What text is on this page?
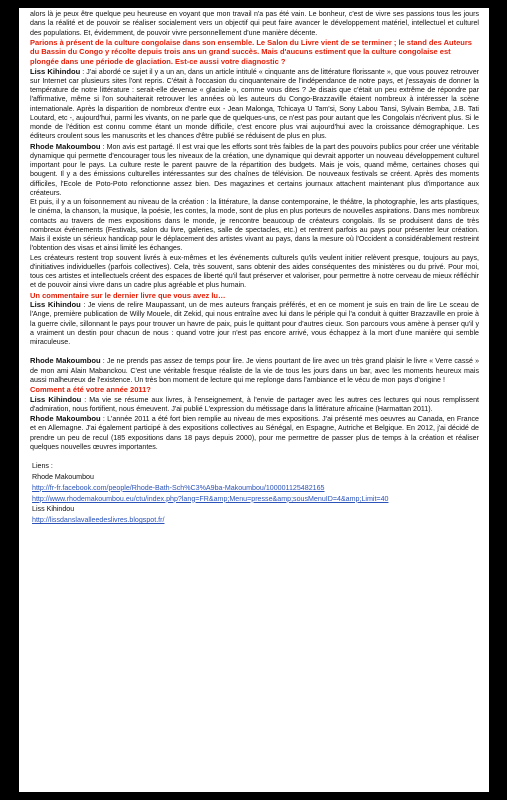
alors là je peux être quelque peu heureuse en voyant que mon travail n'a pas été vain. Le bonheur, c'est de vivre ses passions tous les jours dans la réalité et de pouvoir se réaliser socialement vers un objectif qui peut faire avancer le développement matériel, intellectuel et culturel des populations. Et, évidemment, de pouvoir vivre personnellement d'une manière décente.

Parions à présent de la culture congolaise dans son ensemble. Le Salon du Livre vient de se terminer ; le stand des Auteurs du Bassin du Congo y récolte depuis trois ans un grand succès. Mais d'aucuns estiment que la culture congolaise est plongée dans une période de glaciation. Est-ce aussi votre diagnostic ?

Liss Kihindou : J'ai abordé ce sujet il y a un an, dans un article intitulé « cinquante ans de littérature florissante », que vous pouvez retrouver sur Internet car plusieurs sites l'ont repris. C'était à l'occasion du cinquantenaire de l'indépendance de notre pays, et j'essayais de donner la température de notre littérature : serait-elle devenue « glaciale », comme vous dites ? Je disais que c'était un peu extrême de répondre par l'affirmative, même si l'on souhaiterait retrouver les années où les auteurs du Congo-Brazzaville étaient nombreux à intéresser la scène internationale. Après la disparition de nombreux d'entre eux - Jean Malonga, Tchicaya U Tam'si, Sony Labou Tansi, Sylvain Bemba, J.B. Tati Loutard, etc -, aujourd'hui, parmi les vivants, on ne parle que de quelques-uns, ce n'est pas pour autant que les Congolais n'écrivent plus. Si le monde de l'édition est connu comme étant un monde difficile, c'est encore plus vrai aujourd'hui avec la croissance démographique. Les éditeurs croulent sous les manuscrits et les chances d'être publié se réduisent de plus en plus.

Rhode Makoumbou : Mon avis est partagé. Il est vrai que les efforts sont très faibles de la part des pouvoirs publics pour créer une véritable dynamique qui permette d'encourager tous les niveaux de la création, une dynamique qui devrait apporter un nouveau développement culturel important pour le pays. La culture reste le parent pauvre de la répartition des budgets. Mais je vois, quand même, certaines choses qui bougent. Il y a des émissions culturelles intéressantes sur des chaînes de télévision. De nouveaux festivals se créent. Après des moments difficiles, l'Ecole de Poto-Poto refonctionne assez bien. Des magazines et certains journaux attachent maintenant plus d'importance aux créateurs.

Et puis, il y a un foisonnement au niveau de la création : la littérature, la danse contemporaine, le théâtre, la photographie, les arts plastiques, le cinéma, la chanson, la musique, la poésie, les contes, la mode, sont de plus en plus porteurs de nouvelles aspirations. Dans mes nombreux contacts au travers de mes expositions dans le monde, je rencontre beaucoup de créateurs congolais. Ils se produisent dans de très nombreux événements (Festivals, salon du livre, galeries, salle de spectacles, etc.) et rentrent parfois au pays pour présenter leur création. Mais il existe un sérieux handicap pour le déplacement des artistes vivant au pays, dans la mesure où l'Occident a considérablement restreint l'obtention des visas et ainsi limité les échanges.

Les créateurs restent trop souvent livrés à eux-mêmes et les événements culturels qu'ils veulent initier relèvent presque, toujours au pays, d'initiatives individuelles (parfois collectives). Cela, très souvent, sans obtenir des aides conséquentes des ministères ou du privé. Pour moi, tous ces artistes et intellectuels créent des espaces de liberté qu'il faut préserver et valoriser, pour permettre à notre cerveau de mieux réfléchir et de pouvoir ainsi vivre dans un cadre plus agréable et plus humain.

Un commentaire sur le dernier livre que vous avez lu…

Liss Kihindou : Je viens de relire Maupassant, un de mes auteurs français préférés, et en ce moment je suis en train de lire Le sceau de l'Ange, première publication de Willy Mouele, dit Zekid, qui nous entraîne avec lui dans le périple qui l'a conduit à quitter Brazzaville en proie à la guerre civile, sillonnant le pays pour trouver un havre de paix, puis le quittant pour d'autres cieux. Son parcours vous amène à penser qu'il y a vraiment un destin pour chacun de nous : quand votre jour n'est pas encore arrivé, vous échappez à la mort d'une manière qui semble miraculeuse.

Rhode Makoumbou : Je ne prends pas assez de temps pour lire. Je viens pourtant de lire avec un très grand plaisir le livre « Verre cassé » de mon ami Alain Mabanckou. C'est une véritable fresque réaliste de la vie de tous les jours dans un bar, avec les moments heureux mais aussi malheureux de l'existence. Un très bon moment de lecture qui me replonge dans l'ambiance et le vécu de mon pays d'origine !

Comment a été votre année 2011?

Liss Kihindou : Ma vie se résume aux livres, à l'enseignement, à l'envie de partager avec les autres ces lectures qui nous remplissent d'admiration, nous fortifient, nous émeuvent. J'ai publié L'expression du métissage dans la littérature africaine (Harmattan 2011).

Rhode Makoumbou : L'année 2011 a été fort bien remplie au niveau de mes expositions. J'ai présenté mes oeuvres au Canada, en France et en Allemagne. J'ai également participé à des expositions collectives au Sénégal, en Espagne, Autriche et Belgique. En 2012, j'ai décidé de prendre un peu de recul (185 expositions dans 18 pays depuis 2000), pour me permettre de passer plus de temps à la création et réaliser quelques nouvelles œuvres importantes.

Liens :
Rhode Makoumbou
http://fr-fr.facebook.com/people/Rhode-Bath-Sch%C3%A9ba-Makoumbou/100001125482165
http://www.rhodemakoumbou.eu/ctu/index.php?lang=FR&amp;Menu=presse&amp;sousMenuID=4&amp;Limit=40
Liss Kihindou
http://lissdanslavalleedeslivres.blogspot.fr/
